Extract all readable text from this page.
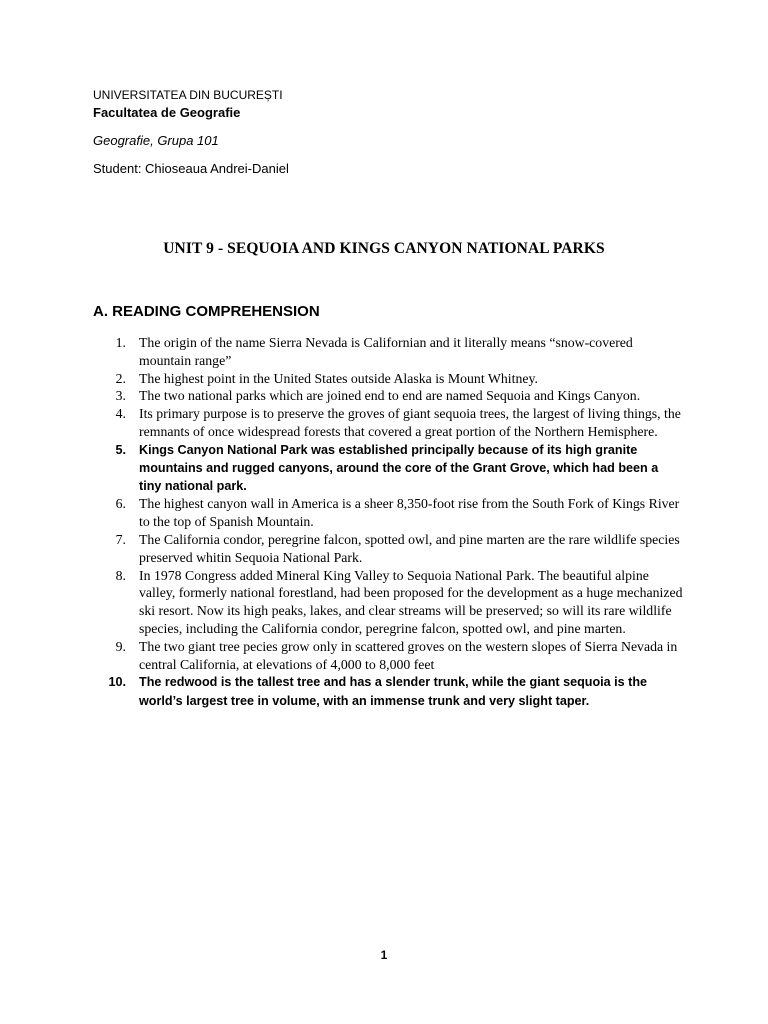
UNIVERSITATEA DIN BUCUREȘTI
Facultatea de Geografie
Geografie, Grupa 101
Student: Chioseaua Andrei-Daniel
UNIT 9 - SEQUOIA AND KINGS CANYON NATIONAL PARKS
A. READING COMPREHENSION
1. The origin of the name Sierra Nevada is Californian and it literally means “snow-covered mountain range”
2. The highest point in the United States outside Alaska is Mount Whitney.
3. The two national parks which are joined end to end are named Sequoia and Kings Canyon.
4. Its primary purpose is to preserve the groves of giant sequoia trees, the largest of living things, the remnants of once widespread forests that covered a great portion of the Northern Hemisphere.
5. Kings Canyon National Park was established principally because of its high granite mountains and rugged canyons, around the core of the Grant Grove, which had been a tiny national park.
6. The highest canyon wall in America is a sheer 8,350-foot rise from the South Fork of Kings River to the top of Spanish Mountain.
7. The California condor, peregrine falcon, spotted owl, and pine marten are the rare wildlife species preserved whitin Sequoia National Park.
8. In 1978 Congress added Mineral King Valley to Sequoia National Park. The beautiful alpine valley, formerly national forestland, had been proposed for the development as a huge mechanized ski resort. Now its high peaks, lakes, and clear streams will be preserved; so will its rare wildlife species, including the California condor, peregrine falcon, spotted owl, and pine marten.
9. The two giant tree pecies grow only in scattered groves on the western slopes of Sierra Nevada in central California, at elevations of 4,000 to 8,000 feet
10. The redwood is the tallest tree and has a slender trunk, while the giant sequoia is the world’s largest tree in volume, with an immense trunk and very slight taper.
1
